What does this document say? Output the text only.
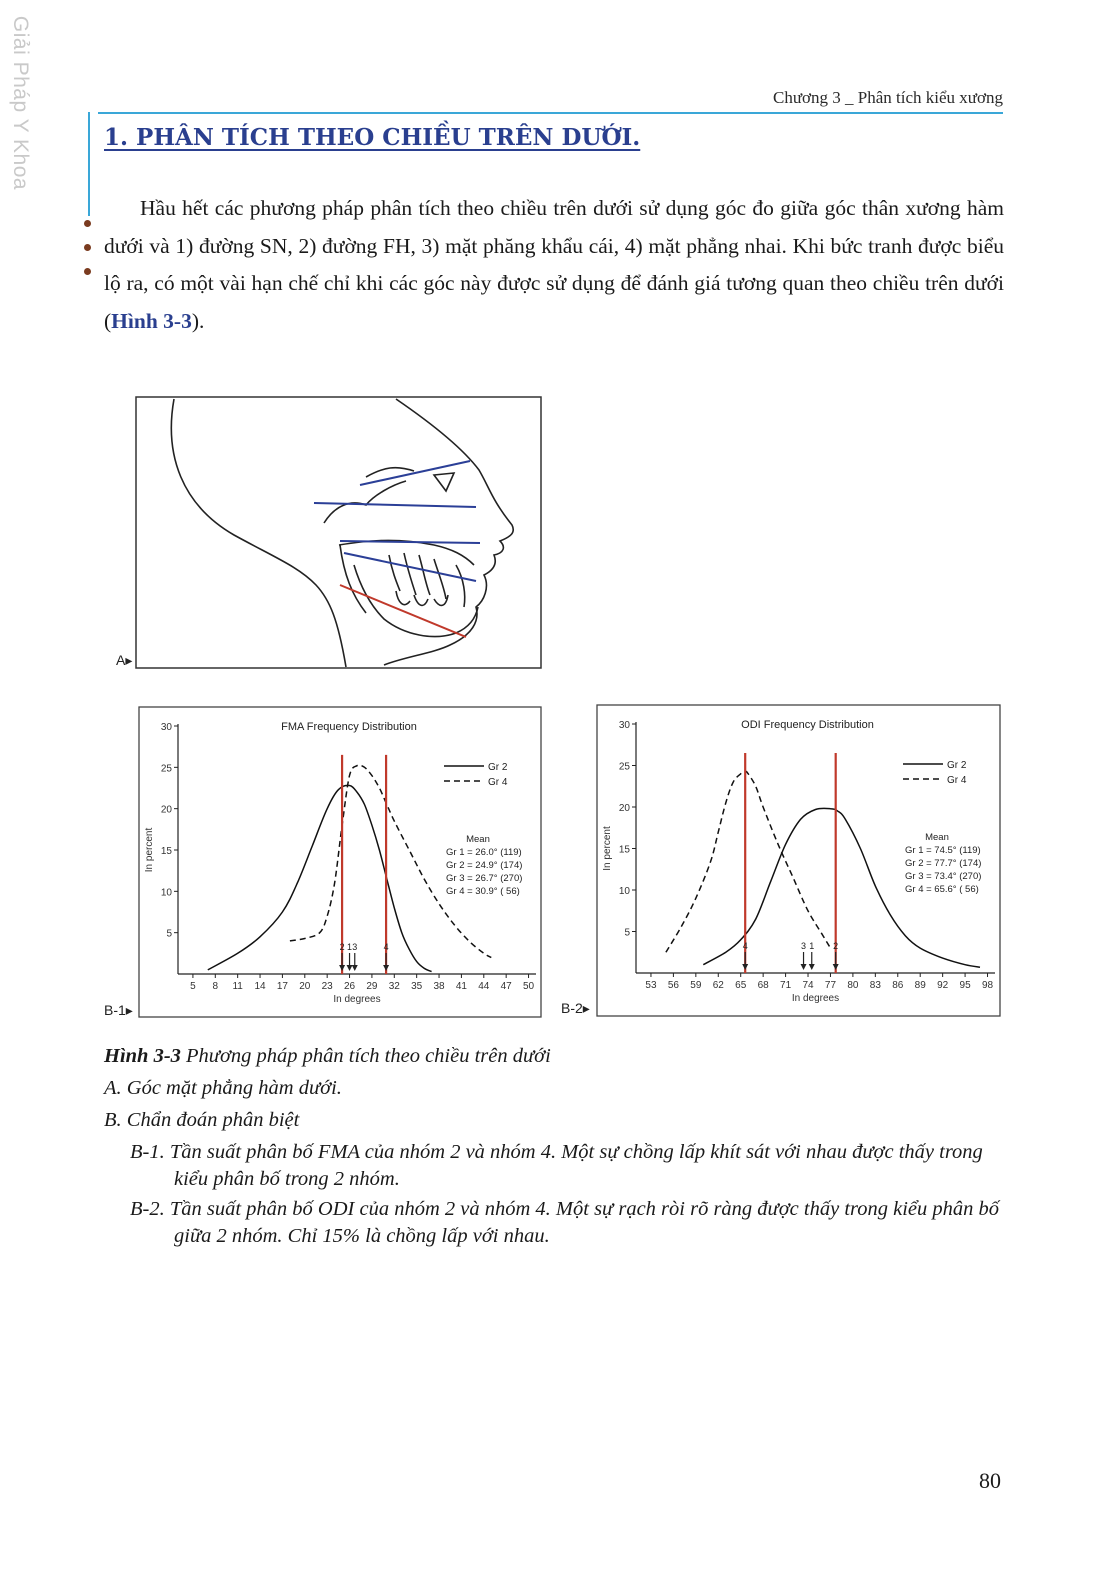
Giải Pháp Y Khoa	Chương 3 _ Phân tích kiểu xương
1. PHÂN TÍCH THEO CHIỀU TRÊN DƯỚI.

Hầu hết các phương pháp phân tích theo chiều trên dưới sử dụng góc đo giữa góc thân xương hàm dưới và 1) đường SN, 2) đường FH, 3) mặt phăng khẩu cái, 4) mặt phẳng nhai. Khi bức tranh được biểu lộ ra, có một vài hạn chế chỉ khi các góc này được sử dụng để đánh giá tương quan theo chiều trên dưới (Hình 3-3).

A▸
B-1▸
5
10
15
20
25
30
5 8 11 14 17 20 23 26 29 32 35 38 41 44 47 50
In degrees
In percent
FMA Frequency Distribution
2 1 3	4
Gr 2
Gr 4
Mean
Gr 1 = 26.0° (119)
Gr 2 = 24.9° (174)
Gr 3 = 26.7° (270)
Gr 4 = 30.9° ( 56)
B-2▸
5
10
15
20
25
30
53 56 59 62 65 68 71 74 77 80 83 86 89 92 95 98
In degrees
In percent
ODI Frequency Distribution
4	3 1 2
Gr 2
Gr 4
Mean
Gr 1 = 74.5° (119)
Gr 2 = 77.7° (174)
Gr 3 = 73.4° (270)
Gr 4 = 65.6° ( 56)

Hình 3-3 Phương pháp phân tích theo chiều trên dưới

A. Góc mặt phẳng hàm dưới.

B. Chẩn đoán phân biệt

B-1. Tần suất phân bố FMA của nhóm 2 và nhóm 4. Một sự chồng lấp khít sát với nhau được thấy trong kiểu phân bố trong 2 nhóm.

B-2. Tần suất phân bố ODI của nhóm 2 và nhóm 4. Một sự rạch ròi rõ ràng được thấy trong kiểu phân bố giữa 2 nhóm. Chỉ 15% là chồng lấp với nhau.

80
